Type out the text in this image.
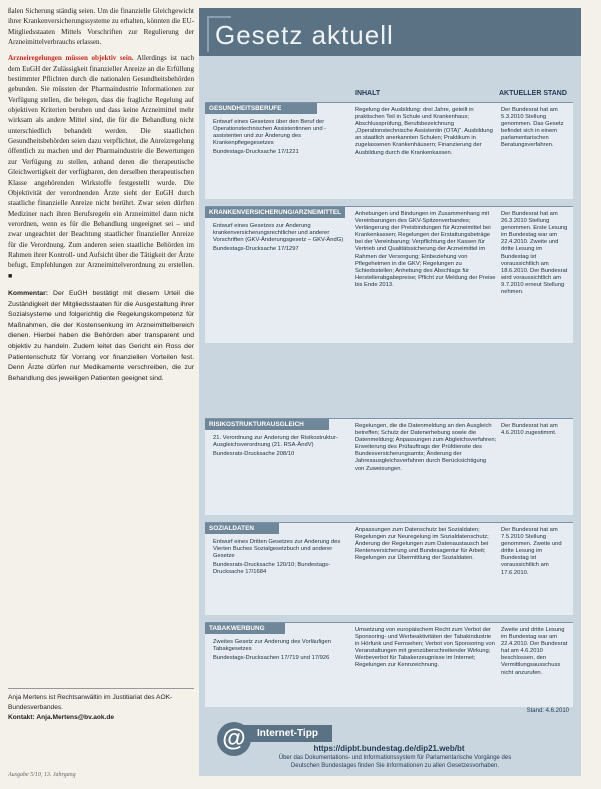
ßalen Sicherung ständig seien. Um die finanzielle Gleichgewicht ihrer Krankenversicherungssysteme zu erhalten, könnten die EU-Mitgliedsstaaten Mittels Vorschriften zur Regulierung der Arzneimittelverbrauchs erlassen.

Arzneiregelungen müssen objektiv sein. Allerdings ist nach dem EuGH der Zulässigkeit finanzieller Anreize an die Erfüllung bestimmter Pflichten durch die nationalen Gesundheitsbehörden gebunden. Sie müssten der Pharmaindustrie Informationen zur Verfügung stellen, die belegen, dass die fragliche Regelung auf objektiven Kriterien beruhen und dass keine Arzneimittel mehr wirksam als andere Mittel sind, die für die Behandlung nicht unterschiedlich behandelt werden. Die staatlichen Gesundheitsbehörden seien dazu verpflichtet, die Anreizregelung öffentlich zu machen und der Pharmaindustrie die Bewertungen zur Verfügung zu stellen, anhand deren die therapeutische Gleichwertigkeit der verfügbaren, den derselben therapeutischen Klasse angehörenden Wirkstoffe festgestellt wurde. Die Objektivität der verordnenden Ärzte sieht der EuGH durch staatliche finanzielle Anreize nicht berührt. Zwar seien dürften Mediziner nach ihren Berufsregeln ein Arzneimittel dann nicht verordnen, wenn es für die Behandlung ungeeignet sei – und zwar ungeachtet der Beachtung staatlicher finanzieller Anreize für die Verordnung. Zum anderen seien staatliche Behörden im Rahmen ihrer Kontroll- und Aufsicht über die Tätigkeit der Ärzte befugt, Empfehlungen zur Arzneimittelverordnung zu erstellen. ■

Kommentar: Der EuGH bestätigt mit diesem Urteil die Zuständigkeit der Mitgliedsstaaten für die Ausgestaltung ihrer Sozialsysteme und folgerichtig die Regelungskompetenz für Maßnahmen, die der Kostensenkung im Arzneimittelbereich dienen. Hierbei haben die Behörden aber transparent und objektiv zu handeln. Zudem leitet das Gericht ein Ross der Patientenschutz für Vorrang vor finanziellen Vorteilen fest. Denn Ärzte dürfen nur Medikamente verschreiben, die zur Behandlung des jeweiligen Patienten geeignet sind.
Anja Mertens ist Rechtsanwältin im Justitiariat des AOK-Bundesverbandes.
Kontakt: Anja.Mertens@bv.aok.de
Ausgabe 5/10, 13. Jahrgang
Gesetz aktuell
INHALT	AKTUELLER STAND
GESUNDHEITSBERUFE
Entwurf eines Gesetzes über den Beruf der Operationstechnischen Assistentinnen und -assistenten und zur Änderung des Krankenpflegegesetzes
Bundestags-Drucksache 17/1221
Regelung der Ausbildung: drei Jahre, geteilt in praktischen Teil in Schule und Krankenhaus; Abschlussprüfung, Berufsbezeichnung „Operationstechnische Assistentin (OTA)“. Ausbildung an staatlich anerkannten Schulen; Praktikum in zugelassenen Krankenhäusern; Finanzierung der Ausbildung durch die Krankenkassen.
Der Bundesrat hat am 5.3.2010 Stellung genommen. Das Gesetz befindet sich in einem parlamentarischen Beratungsverfahren.
KRANKENVERSICHERUNG/ARZNEIMITTEL
Entwurf eines Gesetzes zur Änderung krankenversicherungsrechtlicher und anderer Vorschriften (GKV-Änderungsgesetz – GKV-ÄndG)
Bundestags-Drucksache 17/1297
Anhebungen und Bindungen im Zusammenhang mit Vereinbarungen des GKV-Spitzenverbandes; Verlängerung der Preisbindungen für Arzneimittel bei Krankenkassen; Regelungen der Erstattungsbeträge bei der Vereinbarung; Verpflichtung der Kassen für Vertrieb und Qualitätssicherung der Arzneimittel im Rahmen der Versorgung; Einbeziehung von Pflegeheimen in die GKV; Regelungen zu Schiedsstellen; Anhebung des Abschlags für Herstellerabgabepreise; Pflicht zur Meldung der Preise bis Ende 2013.
Der Bundesrat hat am 26.3.2010 Stellung genommen. Erste Lesung im Bundestag war am 22.4.2010. Zweite und dritte Lesung im Bundestag ist voraussichtlich am 18.6.2010. Der Bundesrat wird voraussichtlich am 9.7.2010 erneut Stellung nehmen.
RISIKOSTRUKTURAUSGLEICH
21. Verordnung zur Änderung der Risikostruktur-Ausgleichsverordnung (21. RSA-ÄndV)
Bundesrats-Drucksache 208/10
Regelungen, die die Datenmeldung an den Ausgleich betreffen; Schutz der Datenerhebung sowie die Datenmeldung; Anpassungen zum Abgleichsverfahren; Erweiterung des Prüfauftrags der Prüfdienste des Bundesversicherungsamts; Änderung der Jahresausgleichsverfahren durch Berücksichtigung von Zuweisungen.
Der Bundesrat hat am 4.6.2010 zugestimmt.
SOZIALDATEN
Entwurf eines Dritten Gesetzes zur Änderung des Vierten Buches Sozialgesetzbuch und anderer Gesetze
Bundesrats-Drucksache 120/10; Bundestags-Drucksache 17/1684
Anpassungen zum Datenschutz bei Sozialdaten; Regelungen zur Neuregelung im Sozialdatenschutz; Änderung der Regelungen zum Datenaustausch bei Rentenversicherung und Bundesagentur für Arbeit; Regelungen zur Übermittlung der Sozialdaten.
Der Bundesrat hat am 7.5.2010 Stellung genommen. Zweite und dritte Lesung im Bundestag ist voraussichtlich am 17.6.2010.
TABAKWERBUNG
Zweites Gesetz zur Änderung des Vorläufigen Tabakgesetzes
Bundestags-Drucksachen 17/719 und 17/926
Umsetzung von europäischem Recht zum Verbot der Sponsoring- und Werbeaktivitäten der Tabakindustrie in Hörfunk und Fernsehen; Verbot von Sponsoring von Veranstaltungen mit grenzüberschreitender Wirkung; Werbeverbot für Tabakerzeugnisse im Internet; Regelungen zur Kennzeichnung.
Zweite und dritte Lesung im Bundestag war am 22.4.2010. Der Bundesrat hat am 4.6.2010 beschlossen, den Vermittlungsausschuss nicht anzurufen.
Stand: 4.6.2010
Internet-Tipp
@	https://dipbt.bundestag.de/dip21.web/bt
Über das Dokumentations- und Informationssystem für Parlamentarische Vorgänge des Deutschen Bundestages finden Sie Informationen zu allen Gesetzesvorhaben.
